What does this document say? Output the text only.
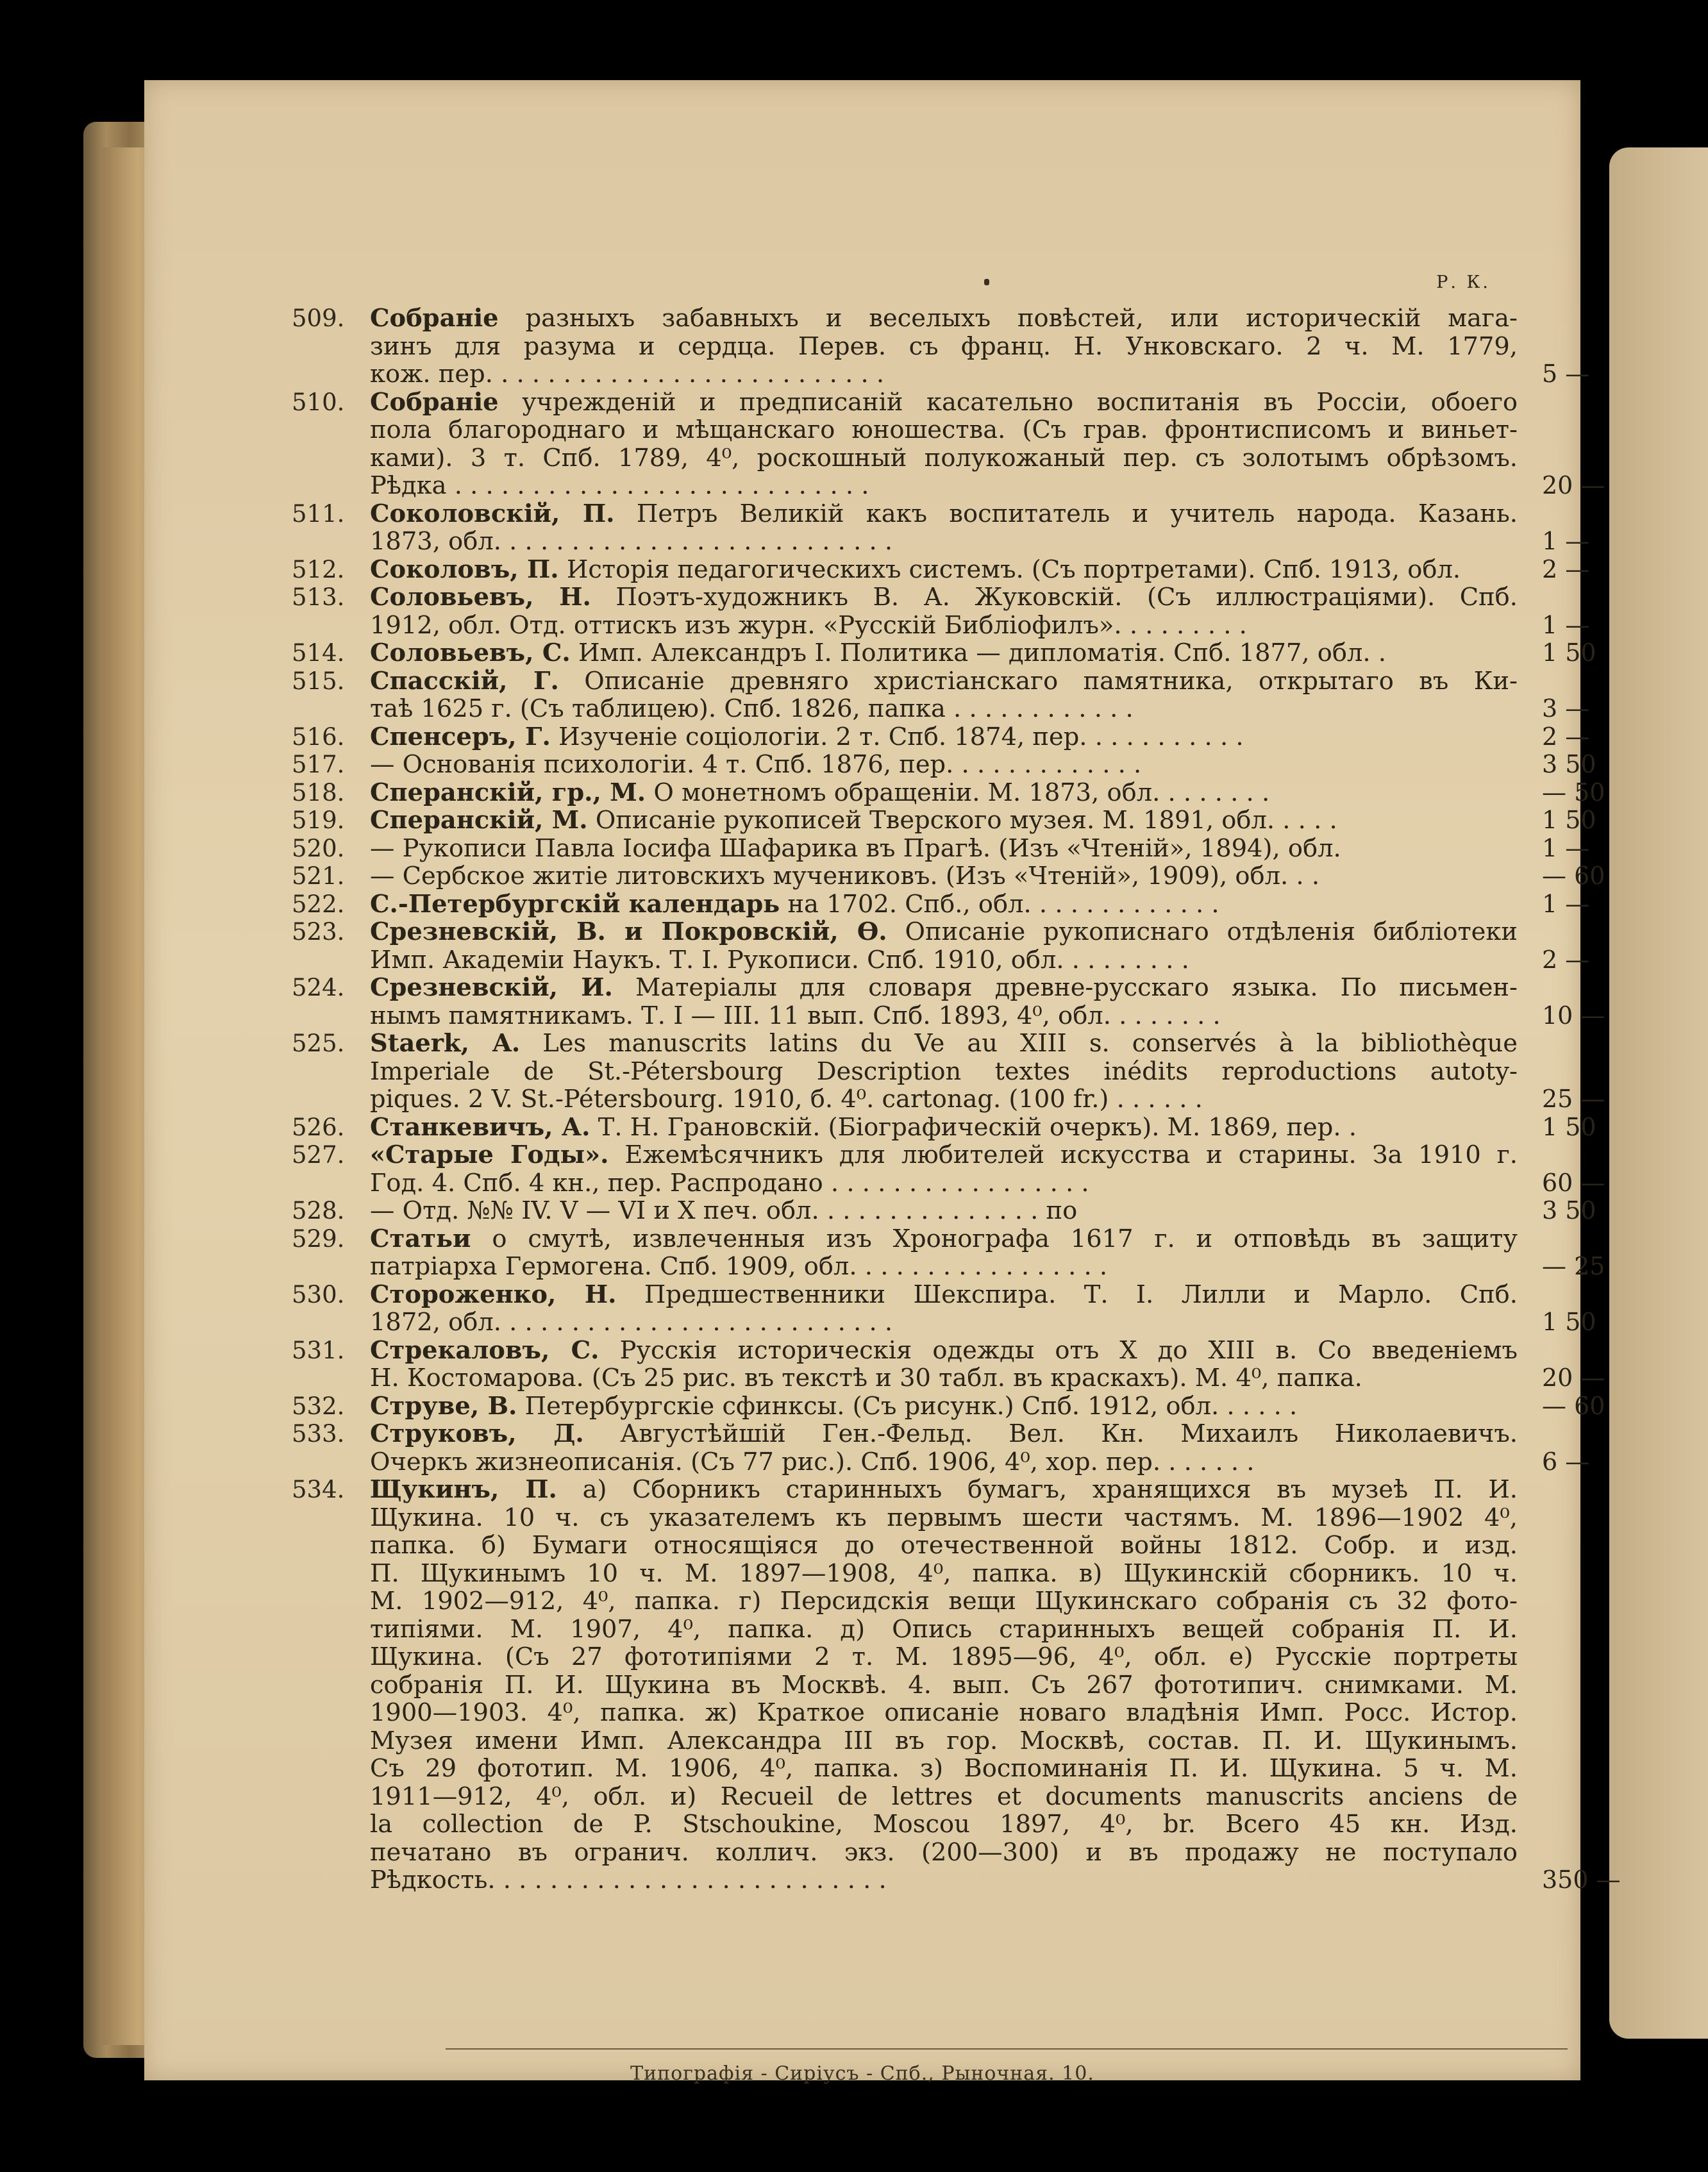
Р. К.
509.	Собраніе разныхъ забавныхъ и веселыхъ повѣстей, или историческій мага-
зинъ для разума и сердца. Перев. съ франц. Н. Унковскаго. 2 ч. М. 1779,
кож. пер. . . . . . . . . . . . . . . . . . . . . . . . . .	5 —
510.	Собраніе учрежденій и предписаній касательно воспитанія въ Россіи, обоего
пола благороднаго и мѣщанскаго юношества. (Съ грав. фронтисписомъ и виньет-
ками). 3 т. Спб. 1789, 4⁰, роскошный полукожаный пер. съ золотымъ обрѣзомъ.
Рѣдка . . . . . . . . . . . . . . . . . . . . . . . . . . .	20 —
511.	Соколовскій, П. Петръ Великій какъ воспитатель и учитель народа. Казань.
1873, обл. . . . . . . . . . . . . . . . . . . . . . . . . .	1 —
512.	Соколовъ, П. Исторія педагогическихъ системъ. (Съ портретами). Спб. 1913, обл.	2 —
513.	Соловьевъ, Н. Поэтъ-художникъ В. А. Жуковскій. (Съ иллюстраціями). Спб.
1912, обл. Отд. оттискъ изъ журн. «Русскій Библіофилъ». . . . . . . . .	1 —
514.	Соловьевъ, С. Имп. Александръ I. Политика — дипломатія. Спб. 1877, обл. .	1 50
515.	Спасскій, Г. Описаніе древняго христіанскаго памятника, открытаго въ Ки-
таѣ 1625 г. (Съ таблицею). Спб. 1826, папка . . . . . . . . . . . .	3 —
516.	Спенсеръ, Г. Изученіе соціологіи. 2 т. Спб. 1874, пер. . . . . . . . . . .	2 —
517.	— Основанія психологіи. 4 т. Спб. 1876, пер. . . . . . . . . . . . .	3 50
518.	Сперанскій, гр., М. О монетномъ обращеніи. М. 1873, обл. . . . . . . .	— 50
519.	Сперанскій, М. Описаніе рукописей Тверского музея. М. 1891, обл. . . . .	1 50
520.	— Рукописи Павла Іосифа Шафарика въ Прагѣ. (Изъ «Чтеній», 1894), обл.	1 —
521.	— Сербское житіе литовскихъ мучениковъ. (Изъ «Чтеній», 1909), обл. . .	— 60
522.	С.-Петербургскій календарь на 1702. Спб., обл. . . . . . . . . . . . .	1 —
523.	Срезневскій, В. и Покровскій, Ѳ. Описаніе рукописнаго отдѣленія библіотеки
Имп. Академіи Наукъ. Т. I. Рукописи. Спб. 1910, обл. . . . . . . . .	2 —
524.	Срезневскій, И. Матеріалы для словаря древне-русскаго языка. По письмен-
нымъ памятникамъ. Т. I — III. 11 вып. Спб. 1893, 4⁰, обл. . . . . . . .	10 —
525.	Staerk, A. Les manuscrits latins du Ve au XIII s. conservés à la bibliothèque
Imperiale de St.-Pétersbourg Description textes inédits reproductions autoty-
piques. 2 V. St.-Pétersbourg. 1910, б. 4⁰. cartonag. (100 fr.) . . . . . .	25 —
526.	Станкевичъ, А. Т. Н. Грановскій. (Біографическій очеркъ). М. 1869, пер. .	1 50
527.	«Старые Годы». Ежемѣсячникъ для любителей искусства и старины. За 1910 г.
Год. 4. Спб. 4 кн., пер. Распродано . . . . . . . . . . . . . . . . .	60 —
528.	— Отд. №№ IV. V — VI и X печ. обл. . . . . . . . . . . . . . . по	3 50
529.	Статьи о смутѣ, извлеченныя изъ Хронографа 1617 г. и отповѣдь въ защиту
патріарха Гермогена. Спб. 1909, обл. . . . . . . . . . . . . . . . .	— 25
530.	Стороженко, Н. Предшественники Шекспира. Т. I. Лилли и Марло. Спб.
1872, обл. . . . . . . . . . . . . . . . . . . . . . . . . .	1 50
531.	Стрекаловъ, С. Русскія историческія одежды отъ X до XIII в. Со введеніемъ
Н. Костомарова. (Съ 25 рис. въ текстѣ и 30 табл. въ краскахъ). М. 4⁰, папка.	20 —
532.	Струве, В. Петербургскіе сфинксы. (Съ рисунк.) Спб. 1912, обл. . . . . .	— 60
533.	Струковъ, Д. Августѣйшій Ген.-Фельд. Вел. Кн. Михаилъ Николаевичъ.
Очеркъ жизнеописанія. (Съ 77 рис.). Спб. 1906, 4⁰, хор. пер. . . . . . .	6 —
534.	Щукинъ, П. а) Сборникъ старинныхъ бумагъ, хранящихся въ музеѣ П. И.
Щукина. 10 ч. съ указателемъ къ первымъ шести частямъ. М. 1896—1902 4⁰,
папка. б) Бумаги относящіяся до отечественной войны 1812. Собр. и изд.
П. Щукинымъ 10 ч. М. 1897—1908, 4⁰, папка. в) Щукинскій сборникъ. 10 ч.
М. 1902—912, 4⁰, папка. г) Персидскія вещи Щукинскаго собранія съ 32 фото-
типіями. М. 1907, 4⁰, папка. д) Опись старинныхъ вещей собранія П. И.
Щукина. (Съ 27 фототипіями 2 т. М. 1895—96, 4⁰, обл. е) Русскіе портреты
собранія П. И. Щукина въ Москвѣ. 4. вып. Съ 267 фототипич. снимками. М.
1900—1903. 4⁰, папка. ж) Краткое описаніе новаго владѣнія Имп. Росс. Истор.
Музея имени Имп. Александра III въ гор. Москвѣ, состав. П. И. Щукинымъ.
Съ 29 фототип. М. 1906, 4⁰, папка. з) Воспоминанія П. И. Щукина. 5 ч. М.
1911—912, 4⁰, обл. и) Recueil de lettres et documents manuscrits anciens de
la collection de P. Stschoukine, Moscou 1897, 4⁰, br. Всего 45 кн. Изд.
печатано въ огранич. коллич. экз. (200—300) и въ продажу не поступало
Рѣдкость. . . . . . . . . . . . . . . . . . . . . . . . . .	350 —
Типографія - Сиріусъ - Спб., Рыночная. 10.
